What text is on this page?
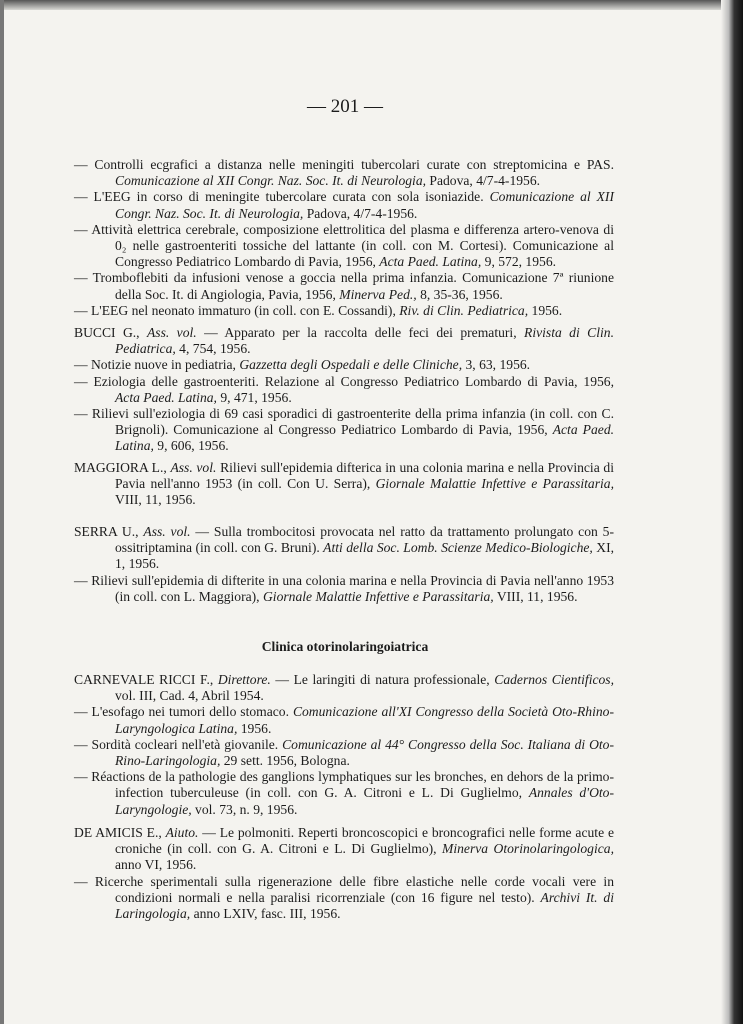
— 201 —

— Controlli ecgrafici a distanza nelle meningiti tubercolari curate con streptomicina e PAS. Comunicazione al XII Congr. Naz. Soc. It. di Neurologia, Padova, 4/7-4-1956.

— L'EEG in corso di meningite tubercolare curata con sola isoniazide. Comunicazione al XII Congr. Naz. Soc. It. di Neurologia, Padova, 4/7-4-1956.

— Attività elettrica cerebrale, composizione elettrolitica del plasma e differenza artero-venova di 0₂ nelle gastroenteriti tossiche del lattante (in coll. con M. Cortesi). Comunicazione al Congresso Pediatrico Lombardo di Pavia, 1956, Acta Paed. Latina, 9, 572, 1956.

— Tromboflebiti da infusioni venose a goccia nella prima infanzia. Comunicazione 7ª riunione della Soc. It. di Angiologia, Pavia, 1956, Minerva Ped., 8, 35-36, 1956.

— L'EEG nel neonato immaturo (in coll. con E. Cossandi), Riv. di Clin. Pediatrica, 1956.

BUCCI G., Ass. vol. — Apparato per la raccolta delle feci dei prematuri, Rivista di Clin. Pediatrica, 4, 754, 1956.

— Notizie nuove in pediatria, Gazzetta degli Ospedali e delle Cliniche, 3, 63, 1956.

— Eziologia delle gastroenteriti. Relazione al Congresso Pediatrico Lombardo di Pavia, 1956, Acta Paed. Latina, 9, 471, 1956.

— Rilievi sull'eziologia di 69 casi sporadici di gastroenterite della prima infanzia (in coll. con C. Brignoli). Comunicazione al Congresso Pediatrico Lombardo di Pavia, 1956, Acta Paed. Latina, 9, 606, 1956.

MAGGIORA L., Ass. vol. Rilievi sull'epidemia difterica in una colonia marina e nella Provincia di Pavia nell'anno 1953 (in coll. Con U. Serra), Giornale Malattie Infettive e Parassitaria, VIII, 11, 1956.

SERRA U., Ass. vol. — Sulla trombocitosi provocata nel ratto da trattamento prolungato con 5-ossitriptamina (in coll. con G. Bruni). Atti della Soc. Lomb. Scienze Medico-Biologiche, XI, 1, 1956.

— Rilievi sull'epidemia di difterite in una colonia marina e nella Provincia di Pavia nell'anno 1953 (in coll. con L. Maggiora), Giornale Malattie Infettive e Parassitaria, VIII, 11, 1956.

Clinica otorinolaringoiatrica

CARNEVALE RICCI F., Direttore. — Le laringiti di natura professionale, Cadernos Cientificos, vol. III, Cad. 4, Abril 1954.

— L'esofago nei tumori dello stomaco. Comunicazione all'XI Congresso della Società Oto-Rhino-Laryngologica Latina, 1956.

— Sordità cocleari nell'età giovanile. Comunicazione al 44° Congresso della Soc. Italiana di Oto-Rino-Laringologia, 29 sett. 1956, Bologna.

— Réactions de la pathologie des ganglions lymphatiques sur les bronches, en dehors de la primo-infection tuberculeuse (in coll. con G. A. Citroni e L. Di Guglielmo, Annales d'Oto-Laryngologie, vol. 73, n. 9, 1956.

DE AMICIS E., Aiuto. — Le polmoniti. Reperti broncoscopici e broncografici nelle forme acute e croniche (in coll. con G. A. Citroni e L. Di Guglielmo), Minerva Otorinolaringologica, anno VI, 1956.

— Ricerche sperimentali sulla rigenerazione delle fibre elastiche nelle corde vocali vere in condizioni normali e nella paralisi ricorrenziale (con 16 figure nel testo). Archivi It. di Laringologia, anno LXIV, fasc. III, 1956.
